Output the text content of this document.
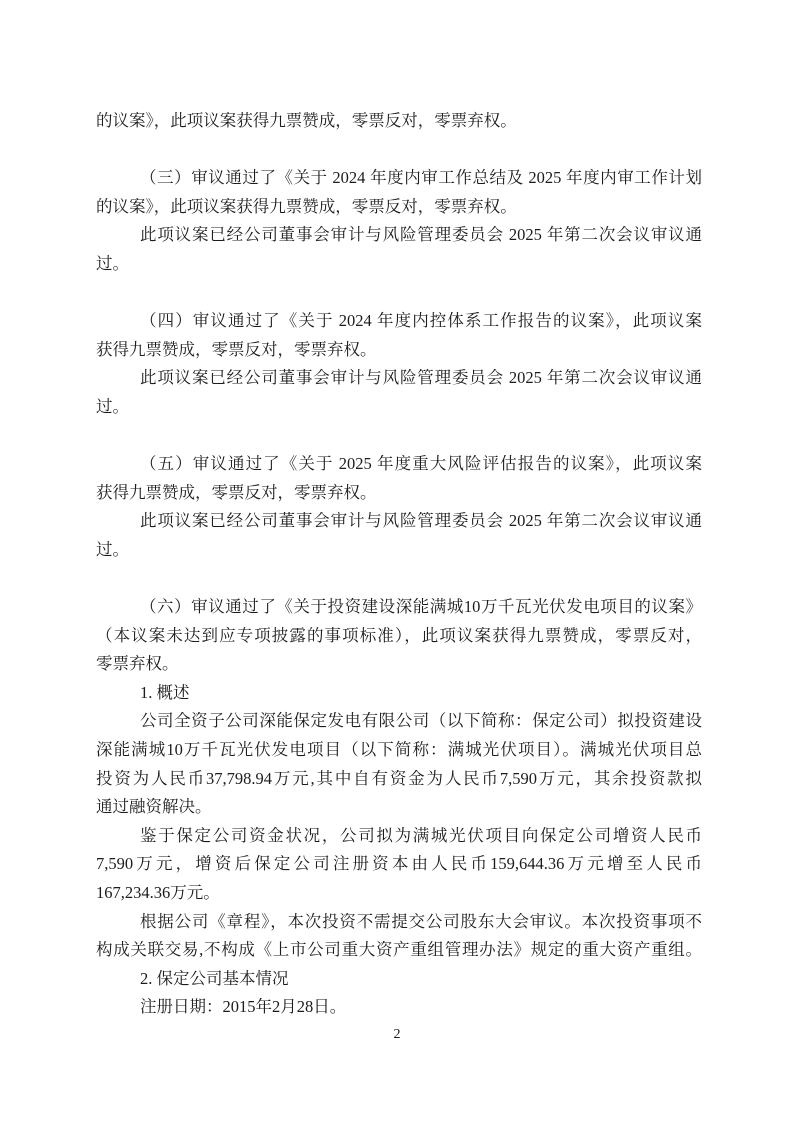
的议案》，此项议案获得九票赞成，零票反对，零票弃权。
（三）审议通过了《关于 2024 年度内审工作总结及 2025 年度内审工作计划
的议案》，此项议案获得九票赞成，零票反对，零票弃权。
此项议案已经公司董事会审计与风险管理委员会 2025 年第二次会议审议通
过。
（四）审议通过了《关于 2024 年度内控体系工作报告的议案》，此项议案
获得九票赞成，零票反对，零票弃权。
此项议案已经公司董事会审计与风险管理委员会 2025 年第二次会议审议通
过。
（五）审议通过了《关于 2025 年度重大风险评估报告的议案》，此项议案
获得九票赞成，零票反对，零票弃权。
此项议案已经公司董事会审计与风险管理委员会 2025 年第二次会议审议通
过。
（六）审议通过了《关于投资建设深能满城10万千瓦光伏发电项目的议案》
（本议案未达到应专项披露的事项标准），此项议案获得九票赞成，零票反对，
零票弃权。
1. 概述
公司全资子公司深能保定发电有限公司（以下简称：保定公司）拟投资建设
深能满城10万千瓦光伏发电项目（以下简称：满城光伏项目）。满城光伏项目总
投资为人民币37,798.94万元,其中自有资金为人民币7,590万元，其余投资款拟
通过融资解决。
鉴于保定公司资金状况，公司拟为满城光伏项目向保定公司增资人民币
7,590万元，增资后保定公司注册资本由人民币159,644.36万元增至人民币
167,234.36万元。
根据公司《章程》，本次投资不需提交公司股东大会审议。本次投资事项不
构成关联交易,不构成《上市公司重大资产重组管理办法》规定的重大资产重组。
2. 保定公司基本情况
注册日期：2015年2月28日。
2
